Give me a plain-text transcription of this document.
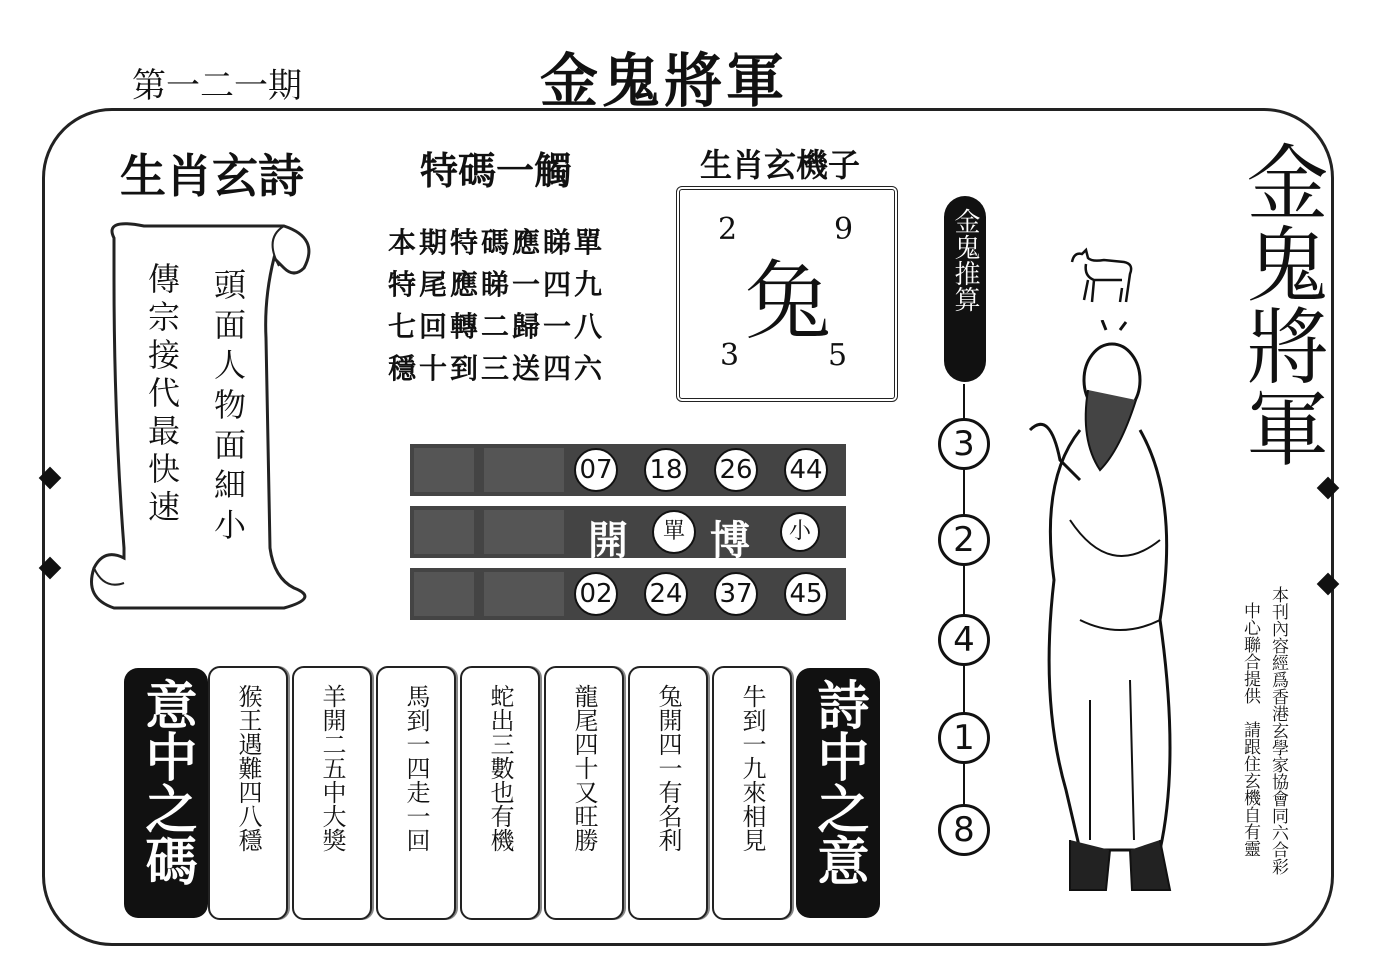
第一二一期	金鬼將軍
生肖玄詩
傳宗接代最快速 頭面人物面細小
特碼一觸
本期特碼應睇單
特尾應睇一四九
七回轉二歸一八
穩十到三送四六
生肖玄機子
2	9
兔
3	5
07 18 26 44
開	單 博	小
02 24 37 45
金鬼推算
3
2
4
1
8
金鬼將軍
本刊內容經爲香港玄學家協會同六合彩
中心聯合提供　請跟住玄機自有靈
意中之碼	猴王遇難四八穩 羊開二五中大獎 馬到一四走一回 蛇出三數也有機 龍尾四十又旺勝 兔開四一有名利 牛到一九來相見 詩中之意
